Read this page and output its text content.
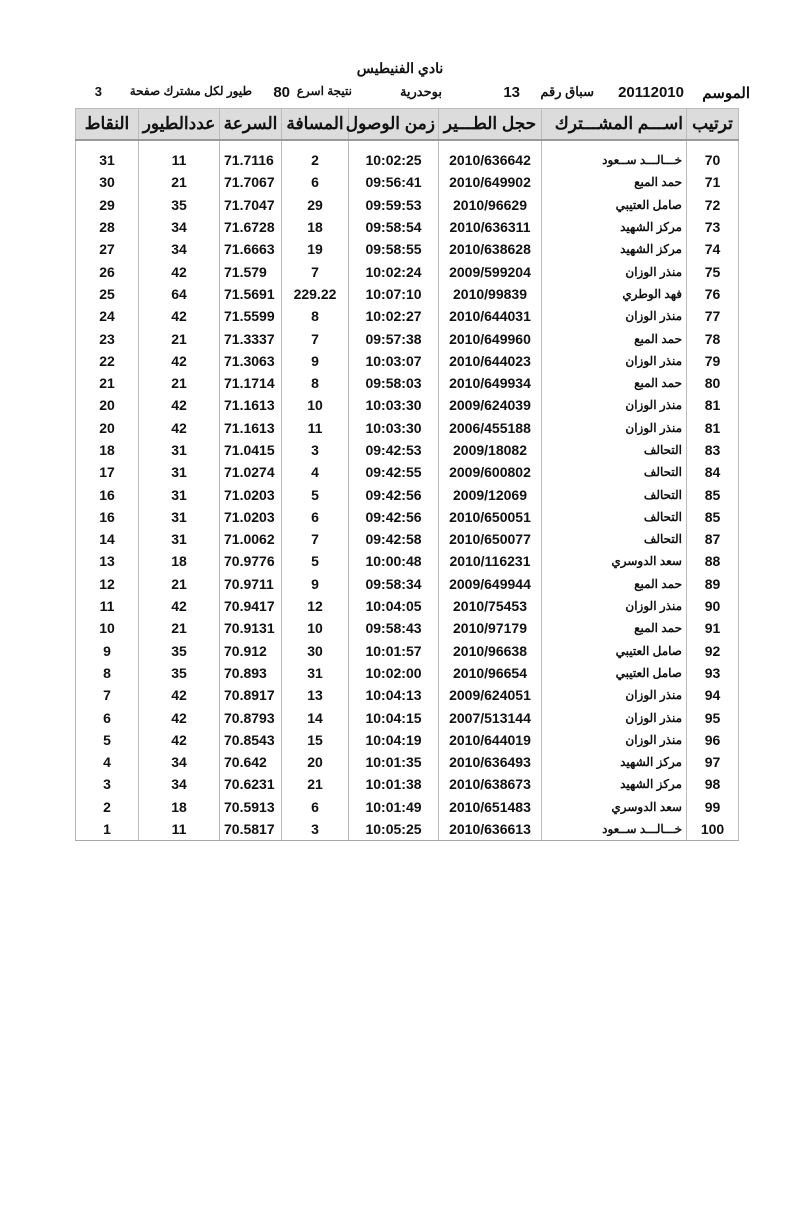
نادي الفنيطيس
الموسم
20112010
سباق رقم
13
بوحدرية
نتيجة اسرع
80
طيور لكل مشترك صفحة
3
ترتيب	اســـم المشـــترك	حجل الطـــير	زمن الوصول	المسافة	السرعة	عددالطيور	النقاط

70	خـــالـــد ســعود	2010/636642	10:02:25	2	71.7116	11	31
71	حمد المبع	2010/649902	09:56:41	6	71.7067	21	30
72	صامل العتيبي	2010/96629	09:59:53	29	71.7047	35	29
73	مركز الشهيد	2010/636311	09:58:54	18	71.6728	34	28
74	مركز الشهيد	2010/638628	09:58:55	19	71.6663	34	27
75	منذر الوزان	2009/599204	10:02:24	7	71.579	42	26
76	فهد الوطري	2010/99839	10:07:10	229.22	71.5691	64	25
77	منذر الوزان	2010/644031	10:02:27	8	71.5599	42	24
78	حمد المبع	2010/649960	09:57:38	7	71.3337	21	23
79	منذر الوزان	2010/644023	10:03:07	9	71.3063	42	22
80	حمد المبع	2010/649934	09:58:03	8	71.1714	21	21
81	منذر الوزان	2009/624039	10:03:30	10	71.1613	42	20
81	منذر الوزان	2006/455188	10:03:30	11	71.1613	42	20
83	التحالف	2009/18082	09:42:53	3	71.0415	31	18
84	التحالف	2009/600802	09:42:55	4	71.0274	31	17
85	التحالف	2009/12069	09:42:56	5	71.0203	31	16
85	التحالف	2010/650051	09:42:56	6	71.0203	31	16
87	التحالف	2010/650077	09:42:58	7	71.0062	31	14
88	سعد الدوسري	2010/116231	10:00:48	5	70.9776	18	13
89	حمد المبع	2009/649944	09:58:34	9	70.9711	21	12
90	منذر الوزان	2010/75453	10:04:05	12	70.9417	42	11
91	حمد المبع	2010/97179	09:58:43	10	70.9131	21	10
92	صامل العتيبي	2010/96638	10:01:57	30	70.912	35	9
93	صامل العتيبي	2010/96654	10:02:00	31	70.893	35	8
94	منذر الوزان	2009/624051	10:04:13	13	70.8917	42	7
95	منذر الوزان	2007/513144	10:04:15	14	70.8793	42	6
96	منذر الوزان	2010/644019	10:04:19	15	70.8543	42	5
97	مركز الشهيد	2010/636493	10:01:35	20	70.642	34	4
98	مركز الشهيد	2010/638673	10:01:38	21	70.6231	34	3
99	سعد الدوسري	2010/651483	10:01:49	6	70.5913	18	2
100	خـــالـــد ســعود	2010/636613	10:05:25	3	70.5817	11	1
